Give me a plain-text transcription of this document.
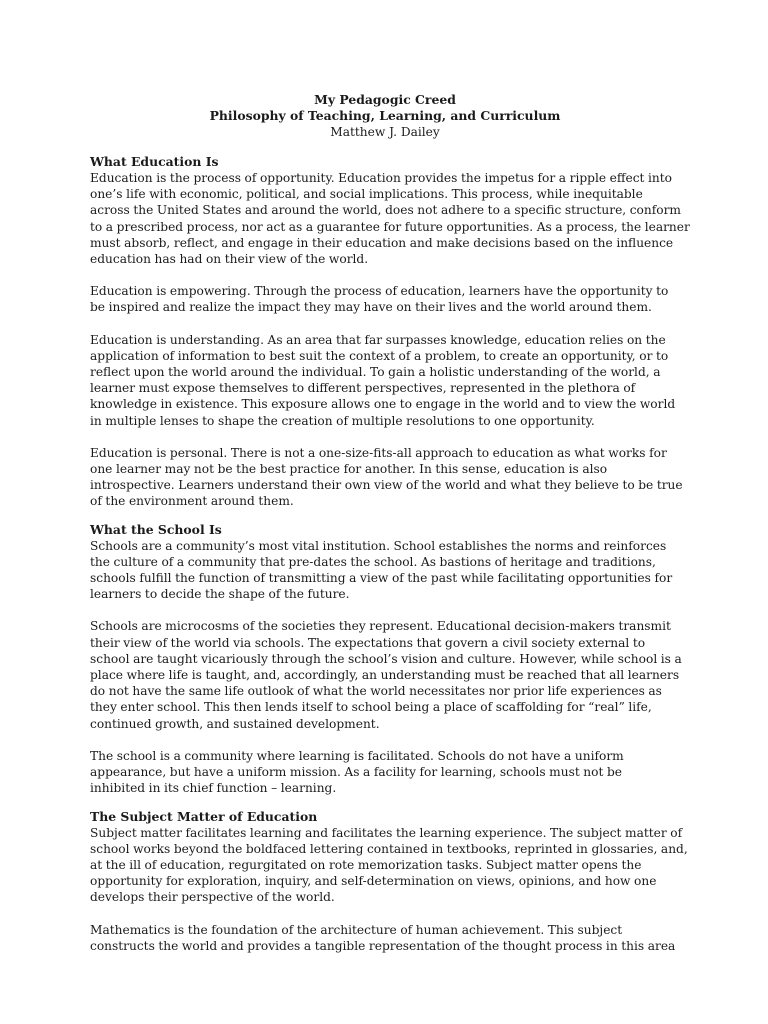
My Pedagogic Creed
Philosophy of Teaching, Learning, and Curriculum
Matthew J. Dailey
What Education Is
Education is the process of opportunity. Education provides the impetus for a ripple effect into
one’s life with economic, political, and social implications. This process, while inequitable
across the United States and around the world, does not adhere to a specific structure, conform
to a prescribed process, nor act as a guarantee for future opportunities. As a process, the learner
must absorb, reflect, and engage in their education and make decisions based on the influence
education has had on their view of the world.
Education is empowering. Through the process of education, learners have the opportunity to
be inspired and realize the impact they may have on their lives and the world around them.
Education is understanding. As an area that far surpasses knowledge, education relies on the
application of information to best suit the context of a problem, to create an opportunity, or to
reflect upon the world around the individual. To gain a holistic understanding of the world, a
learner must expose themselves to different perspectives, represented in the plethora of
knowledge in existence. This exposure allows one to engage in the world and to view the world
in multiple lenses to shape the creation of multiple resolutions to one opportunity.
Education is personal. There is not a one-size-fits-all approach to education as what works for
one learner may not be the best practice for another. In this sense, education is also
introspective. Learners understand their own view of the world and what they believe to be true
of the environment around them.
What the School Is
Schools are a community’s most vital institution. School establishes the norms and reinforces
the culture of a community that pre-dates the school. As bastions of heritage and traditions,
schools fulfill the function of transmitting a view of the past while facilitating opportunities for
learners to decide the shape of the future.
Schools are microcosms of the societies they represent. Educational decision-makers transmit
their view of the world via schools. The expectations that govern a civil society external to
school are taught vicariously through the school’s vision and culture. However, while school is a
place where life is taught, and, accordingly, an understanding must be reached that all learners
do not have the same life outlook of what the world necessitates nor prior life experiences as
they enter school. This then lends itself to school being a place of scaffolding for “real” life,
continued growth, and sustained development.
The school is a community where learning is facilitated. Schools do not have a uniform
appearance, but have a uniform mission. As a facility for learning, schools must not be
inhibited in its chief function – learning.
The Subject Matter of Education
Subject matter facilitates learning and facilitates the learning experience. The subject matter of
school works beyond the boldfaced lettering contained in textbooks, reprinted in glossaries, and,
at the ill of education, regurgitated on rote memorization tasks. Subject matter opens the
opportunity for exploration, inquiry, and self-determination on views, opinions, and how one
develops their perspective of the world.
Mathematics is the foundation of the architecture of human achievement. This subject
constructs the world and provides a tangible representation of the thought process in this area
